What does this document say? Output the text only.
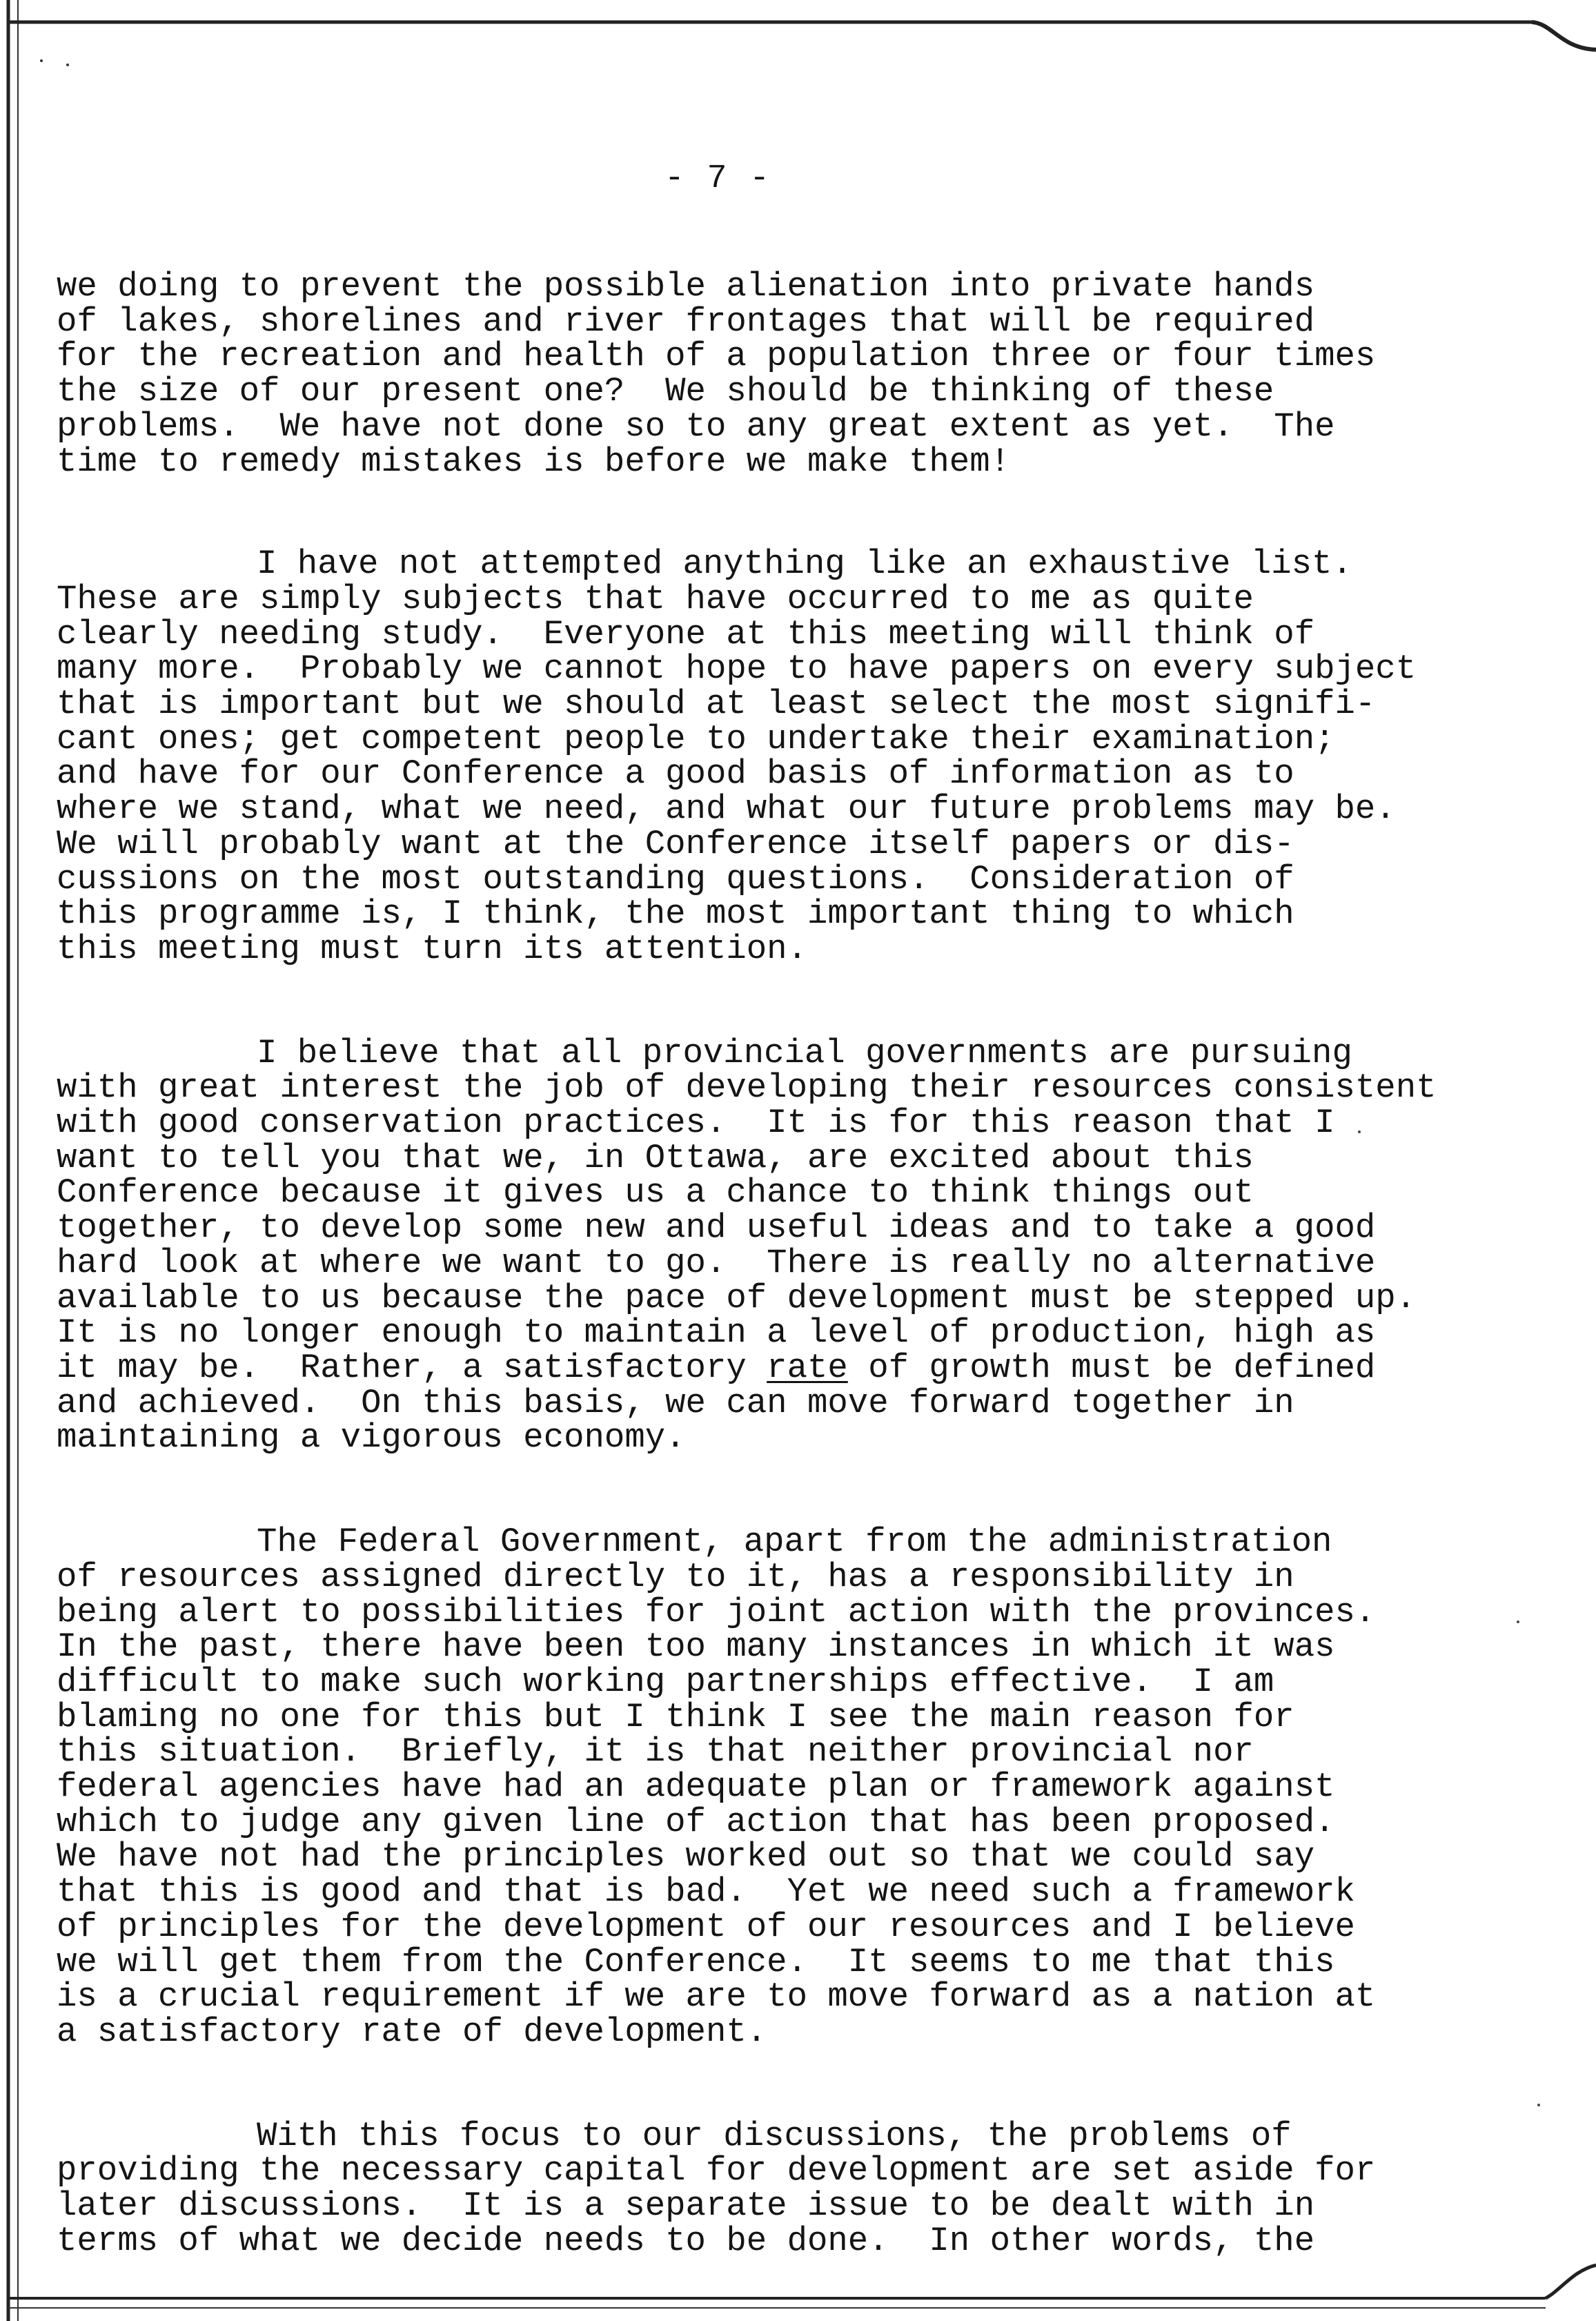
- 7 -
we doing to prevent the possible alienation into private hands
of lakes, shorelines and river frontages that will be required
for the recreation and health of a population three or four times
the size of our present one?  We should be thinking of these
problems.  We have not done so to any great extent as yet.  The
time to remedy mistakes is before we make them!
I have not attempted anything like an exhaustive list.
These are simply subjects that have occurred to me as quite
clearly needing study.  Everyone at this meeting will think of
many more.  Probably we cannot hope to have papers on every subject
that is important but we should at least select the most signifi-
cant ones; get competent people to undertake their examination;
and have for our Conference a good basis of information as to
where we stand, what we need, and what our future problems may be.
We will probably want at the Conference itself papers or dis-
cussions on the most outstanding questions.  Consideration of
this programme is, I think, the most important thing to which
this meeting must turn its attention.
I believe that all provincial governments are pursuing
with great interest the job of developing their resources consistent
with good conservation practices.  It is for this reason that I
want to tell you that we, in Ottawa, are excited about this
Conference because it gives us a chance to think things out
together, to develop some new and useful ideas and to take a good
hard look at where we want to go.  There is really no alternative
available to us because the pace of development must be stepped up.
It is no longer enough to maintain a level of production, high as
it may be.  Rather, a satisfactory rate of growth must be defined
and achieved.  On this basis, we can move forward together in
maintaining a vigorous economy.
The Federal Government, apart from the administration
of resources assigned directly to it, has a responsibility in
being alert to possibilities for joint action with the provinces.
In the past, there have been too many instances in which it was
difficult to make such working partnerships effective.  I am
blaming no one for this but I think I see the main reason for
this situation.  Briefly, it is that neither provincial nor
federal agencies have had an adequate plan or framework against
which to judge any given line of action that has been proposed.
We have not had the principles worked out so that we could say
that this is good and that is bad.  Yet we need such a framework
of principles for the development of our resources and I believe
we will get them from the Conference.  It seems to me that this
is a crucial requirement if we are to move forward as a nation at
a satisfactory rate of development.
With this focus to our discussions, the problems of
providing the necessary capital for development are set aside for
later discussions.  It is a separate issue to be dealt with in
terms of what we decide needs to be done.  In other words, the
